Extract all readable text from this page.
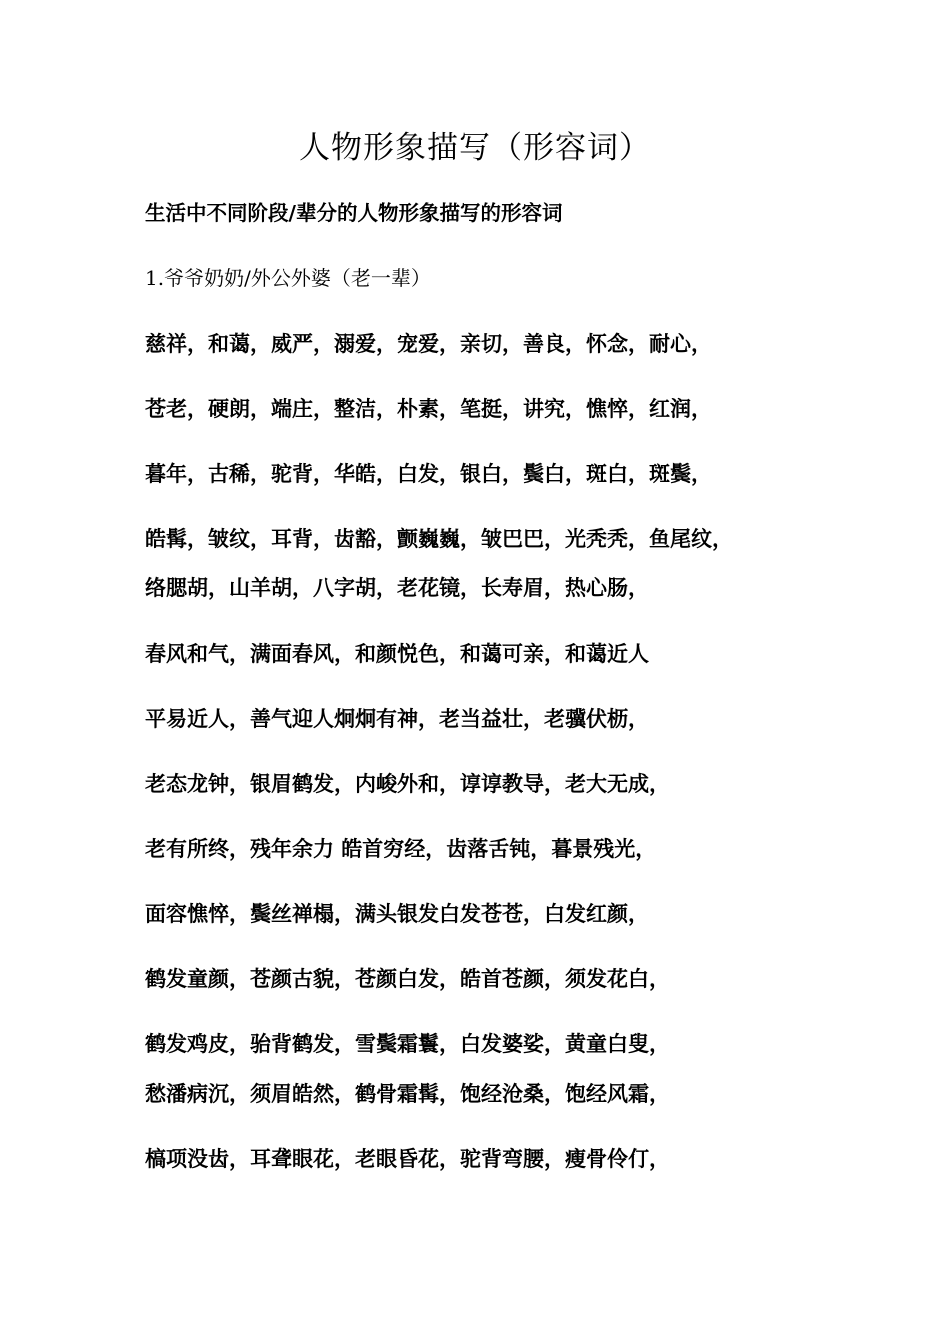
人物形象描写（形容词）
生活中不同阶段/辈分的人物形象描写的形容词
1.爷爷奶奶/外公外婆（老一辈）
慈祥，和蔼，威严，溺爱，宠爱，亲切，善良，怀念，耐心，
苍老，硬朗，端庄，整洁，朴素，笔挺，讲究，憔悴，红润，
暮年，古稀，驼背，华皓，白发，银白，鬓白，斑白，斑鬓，
皓髯，皱纹，耳背，齿豁，颤巍巍，皱巴巴，光秃秃，鱼尾纹，
络腮胡，山羊胡，八字胡，老花镜，长寿眉，热心肠，
春风和气，满面春风，和颜悦色，和蔼可亲，和蔼近人
平易近人，善气迎人炯炯有神，老当益壮，老骥伏枥，
老态龙钟，银眉鹤发，内峻外和，谆谆教导，老大无成，
老有所终，残年余力 皓首穷经，齿落舌钝，暮景残光，
面容憔悴，鬓丝禅榻，满头银发白发苍苍，白发红颜，
鹤发童颜，苍颜古貌，苍颜白发，皓首苍颜，须发花白，
鹤发鸡皮，骀背鹤发，雪鬓霜鬟，白发婆娑，黄童白叟，
愁潘病沉，须眉皓然，鹤骨霜髯，饱经沧桑，饱经风霜，
槁项没齿，耳聋眼花，老眼昏花，驼背弯腰，瘦骨伶仃，
